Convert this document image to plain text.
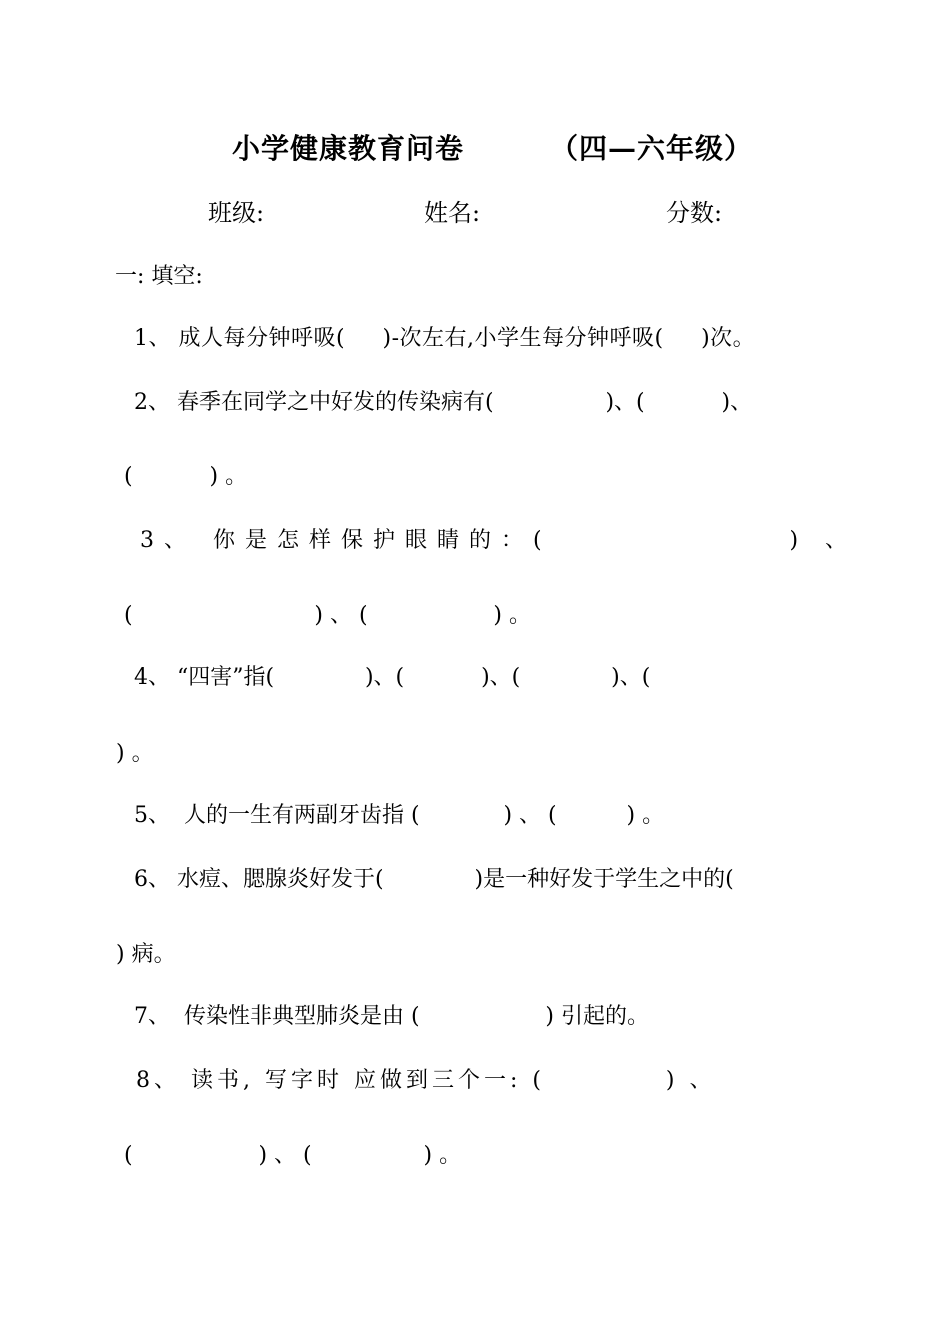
小学健康教育问卷        （四—六年级）
班级:	姓名:	分数:
一: 填空:
1、 成人每分钟呼吸(     )-次左右,小学生每分钟呼吸(     )次。
2、 春季在同学之中好发的传染病有(                )、(           )、
(           ) 。
3、 你是怎样保护眼睛的：(              ) 、
(                          ) 、 (                  ) 。
4、 “四害”指(             )、(           )、(             )、(
) 。
5、  人的一生有两副牙齿指 (            ) 、 (          ) 。
6、 水痘、腮腺炎好发于(             )是一种好发于学生之中的(
) 病。
7、  传染性非典型肺炎是由 (                  ) 引起的。
8、 读书, 写字时 应做到三个一: (           ) 、
(                  ) 、 (                ) 。
